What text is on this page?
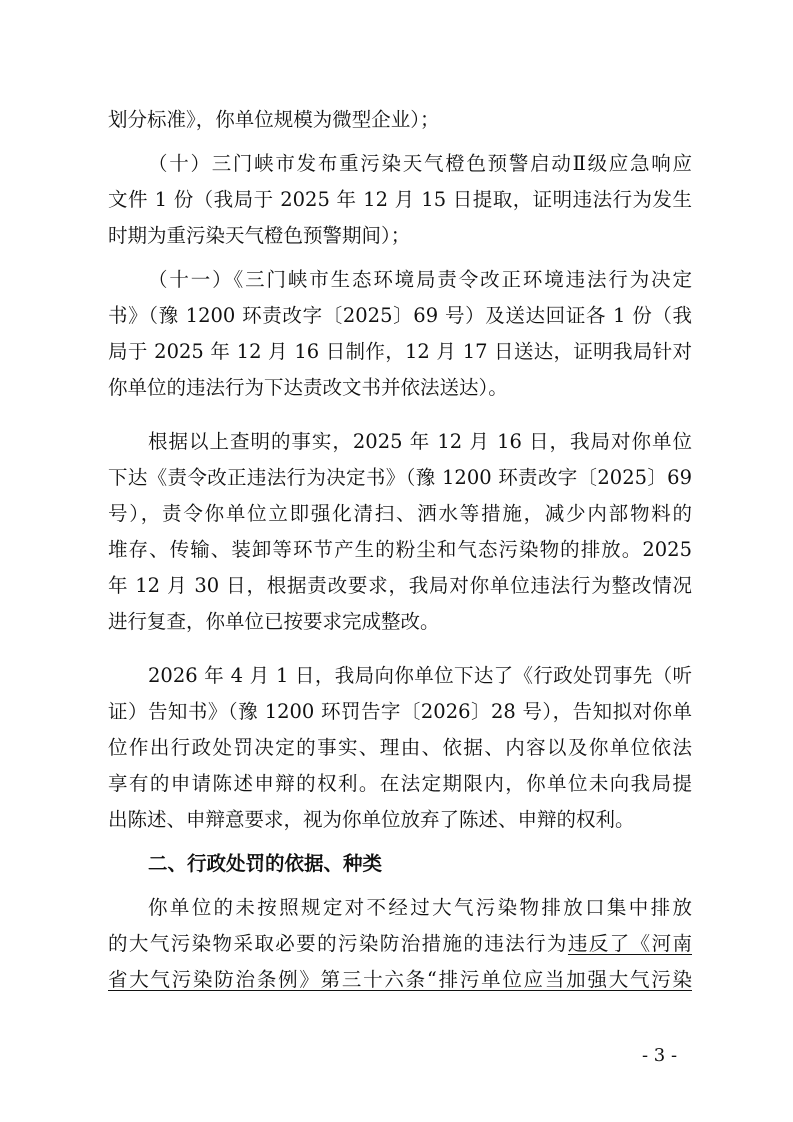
划分标准》，你单位规模为微型企业）；
（十）三门峡市发布重污染天气橙色预警启动Ⅱ级应急响应
文件 1 份（我局于 2025 年 12 月 15 日提取，证明违法行为发生
时期为重污染天气橙色预警期间）；
（十一）《三门峡市生态环境局责令改正环境违法行为决定
书》（豫 1200 环责改字〔2025〕69 号）及送达回证各 1 份（我
局于 2025 年 12 月 16 日制作，12 月 17 日送达，证明我局针对
你单位的违法行为下达责改文书并依法送达）。
根据以上查明的事实，2025 年 12 月 16 日，我局对你单位
下达《责令改正违法行为决定书》（豫 1200 环责改字〔2025〕69
号），责令你单位立即强化清扫、洒水等措施，减少内部物料的
堆存、传输、装卸等环节产生的粉尘和气态污染物的排放。2025
年 12 月 30 日，根据责改要求，我局对你单位违法行为整改情况
进行复查，你单位已按要求完成整改。
2026 年 4 月 1 日，我局向你单位下达了《行政处罚事先（听
证）告知书》（豫 1200 环罚告字〔2026〕28 号），告知拟对你单
位作出行政处罚决定的事实、理由、依据、内容以及你单位依法
享有的申请陈述申辩的权利。在法定期限内，你单位未向我局提
出陈述、申辩意要求，视为你单位放弃了陈述、申辩的权利。
二、行政处罚的依据、种类
你单位的未按照规定对不经过大气污染物排放口集中排放
的大气污染物采取必要的污染防治措施的违法行为违反了《河南
省大气污染防治条例》第三十六条“排污单位应当加强大气污染
- 3 -
